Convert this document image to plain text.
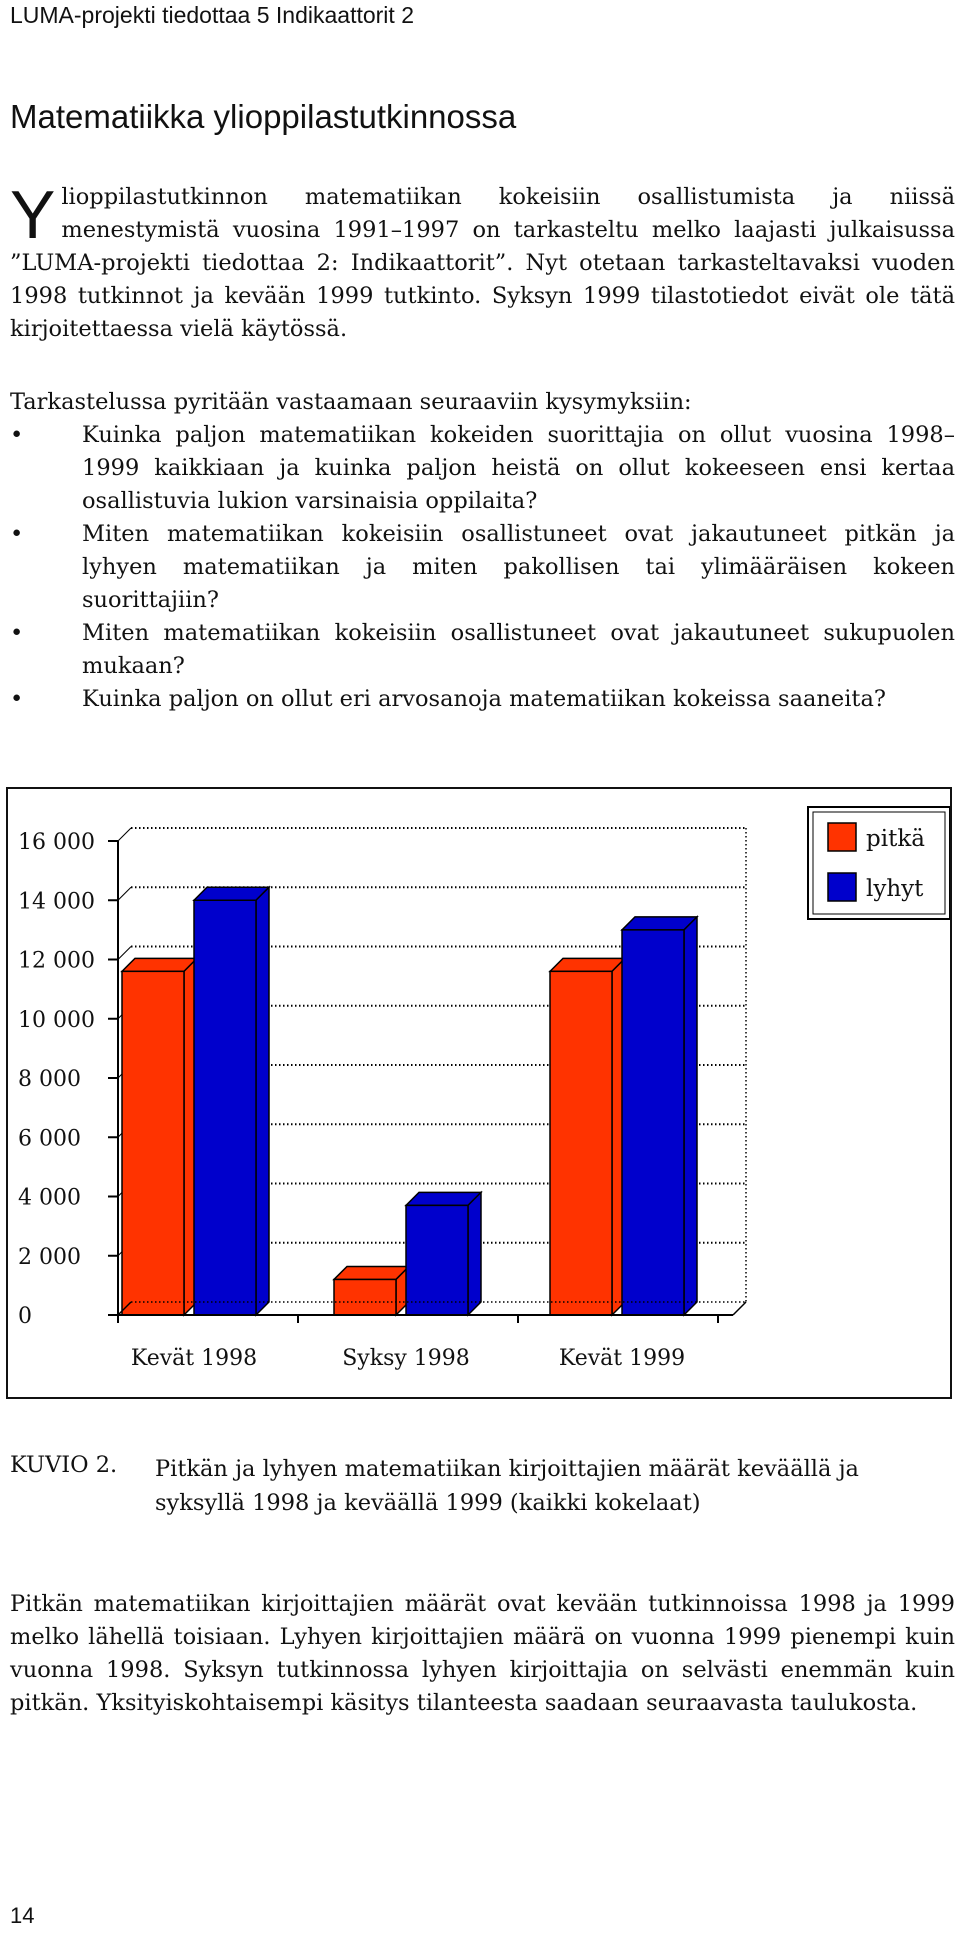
LUMA-projekti tiedottaa 5 Indikaattorit 2
Matematiikka ylioppilastutkinnossa
Ylioppilastutkinnon matematiikan kokeisiin osallistumista ja niissä menestymistä vuosina 1991–1997 on tarkasteltu melko laajasti julkaisussa ”LUMA-projekti tiedottaa 2: Indikaattorit”. Nyt otetaan tarkasteltavaksi vuoden 1998 tutkinnot ja kevään 1999 tutkinto. Syksyn 1999 tilastotiedot eivät ole tätä kirjoitettaessa vielä käytössä.
Tarkastelussa pyritään vastaamaan seuraaviin kysymyksiin:
• Kuinka paljon matematiikan kokeiden suorittajia on ollut vuosina 1998–1999 kaikkiaan ja kuinka paljon heistä on ollut kokeeseen ensi kertaa osallistuvia lukion varsinaisia oppilaita?
• Miten matematiikan kokeisiin osallistuneet ovat jakautuneet pitkän ja lyhyen matematiikan ja miten pakollisen tai ylimääräisen kokeen suorittajiin?
• Miten matematiikan kokeisiin osallistuneet ovat jakautuneet sukupuolen mukaan?
• Kuinka paljon on ollut eri arvosanoja matematiikan kokeissa saaneita?
0
2 000
4 000
6 000
8 000
10 000
12 000
14 000
16 000
Kevät 1998	Syksy 1998	Kevät 1999
pitkä
lyhyt
KUVIO 2. Pitkän ja lyhyen matematiikan kirjoittajien määrät keväällä ja syksyllä 1998 ja keväällä 1999 (kaikki kokelaat)
Pitkän matematiikan kirjoittajien määrät ovat kevään tutkinnoissa 1998 ja 1999 melko lähellä toisiaan. Lyhyen kirjoittajien määrä on vuonna 1999 pienempi kuin vuonna 1998. Syksyn tutkinnossa lyhyen kirjoittajia on selvästi enemmän kuin pitkän. Yksityiskohtaisempi käsitys tilanteesta saadaan seuraavasta taulukosta.
14
